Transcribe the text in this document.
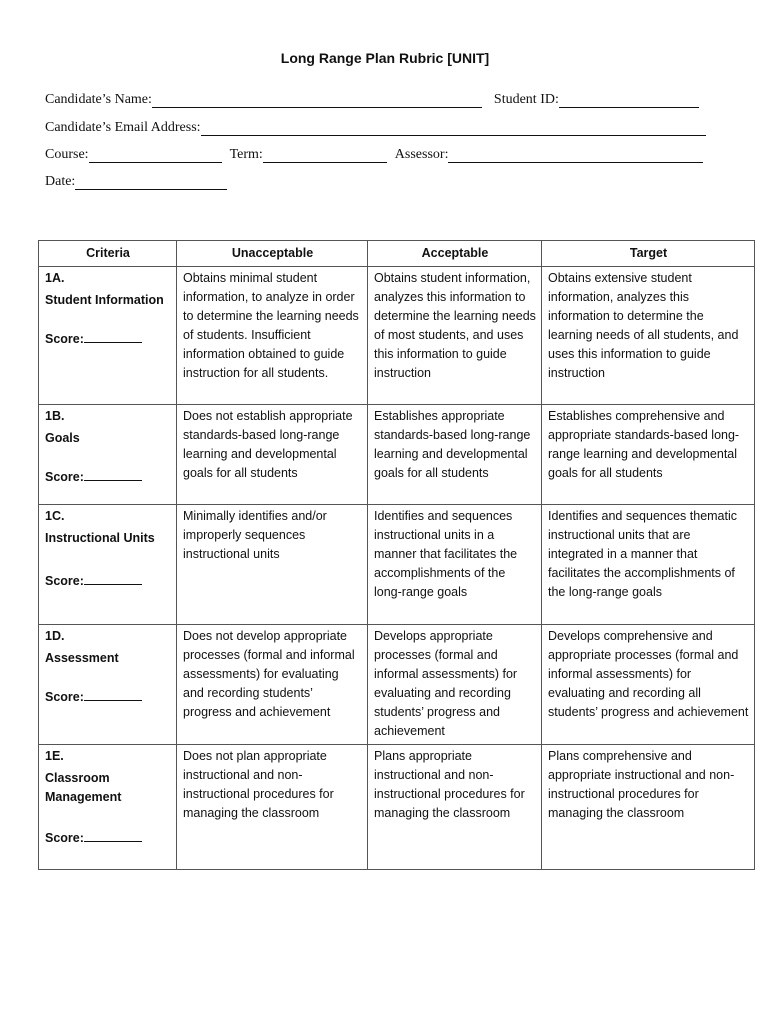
Long Range Plan Rubric [UNIT]
Candidate’s Name:	Student ID:
Candidate’s Email Address:
Course:	Term:	Assessor:
Date:
Criteria	Unacceptable	Acceptable	Target

1A.
Student Information
Score:	Obtains minimal student information, to analyze in order to determine the learning needs of students. Insufficient information obtained to guide instruction for all students.	Obtains student information, analyzes this information to determine the learning needs of most students, and uses this information to guide instruction	Obtains extensive student information, analyzes this information to determine the learning needs of all students, and uses this information to guide instruction

1B.
Goals
Score:	Does not establish appropriate standards-based long-range learning and developmental goals for all students	Establishes appropriate standards-based long-range learning and developmental goals for all students	Establishes comprehensive and appropriate standards-based long-range learning and developmental goals for all students

1C.
Instructional Units
Score:	Minimally identifies and/or improperly sequences instructional units	Identifies and sequences instructional units in a manner that facilitates the accomplishments of the long-range goals	Identifies and sequences thematic instructional units that are integrated in a manner that facilitates the accomplishments of the long-range goals

1D.
Assessment
Score:	Does not develop appropriate processes (formal and informal assessments) for evaluating and recording students’ progress and achievement	Develops appropriate processes (formal and informal assessments) for evaluating and recording students’ progress and achievement	Develops comprehensive and appropriate processes (formal and informal assessments) for evaluating and recording all students’ progress and achievement

1E.
Classroom Management
Score:	Does not plan appropriate instructional and non-instructional procedures for managing the classroom	Plans appropriate instructional and non-instructional procedures for managing the classroom	Plans comprehensive and appropriate instructional and non-instructional procedures for managing the classroom
